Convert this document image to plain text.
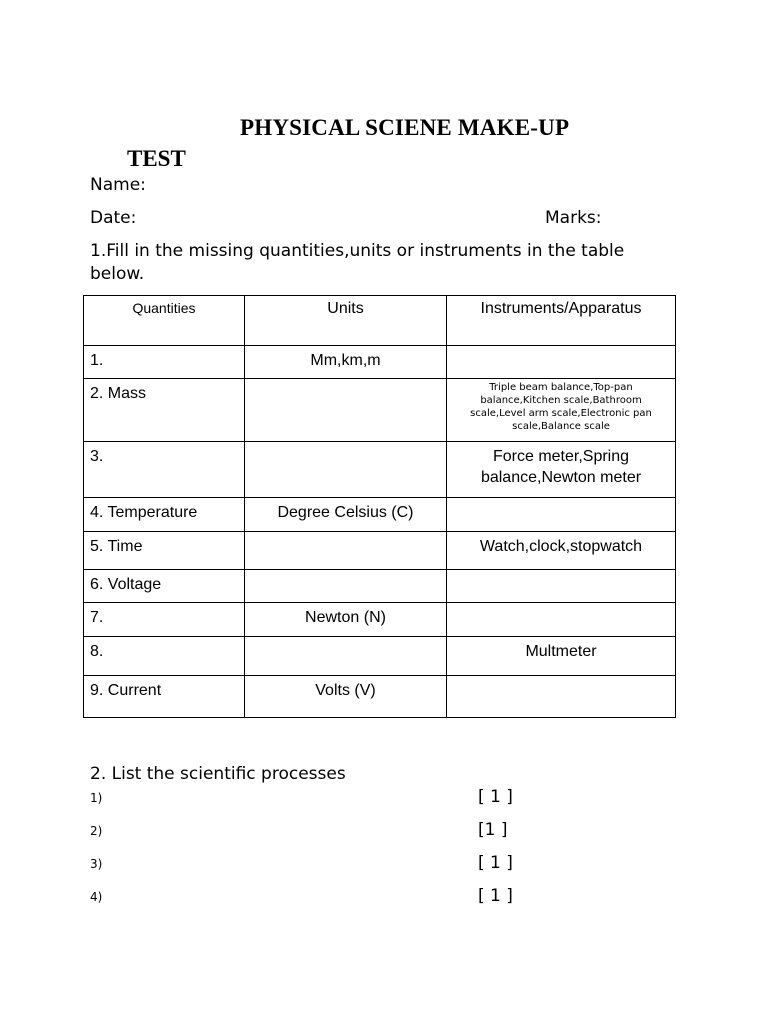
PHYSICAL SCIENE MAKE-UP
TEST
Name:
Date:	Marks:
1.Fill in the missing quantities,units or instruments in the table below.
Quantities	Units	Instruments/Apparatus
1.	Mm,km,m	
2. Mass		Triple beam balance,Top-pan balance,Kitchen scale,Bathroom scale,Level arm scale,Electronic pan scale,Balance scale
3.		Force meter,Spring balance,Newton meter
4. Temperature	Degree Celsius (C)	
5. Time		Watch,clock,stopwatch
6. Voltage		
7.	Newton (N)	
8.		Multmeter
9. Current	Volts (V)	
2. List the scientific processes
1)	[ 1 ]
2)	[1 ]
3)	[ 1 ]
4)	[ 1 ]
